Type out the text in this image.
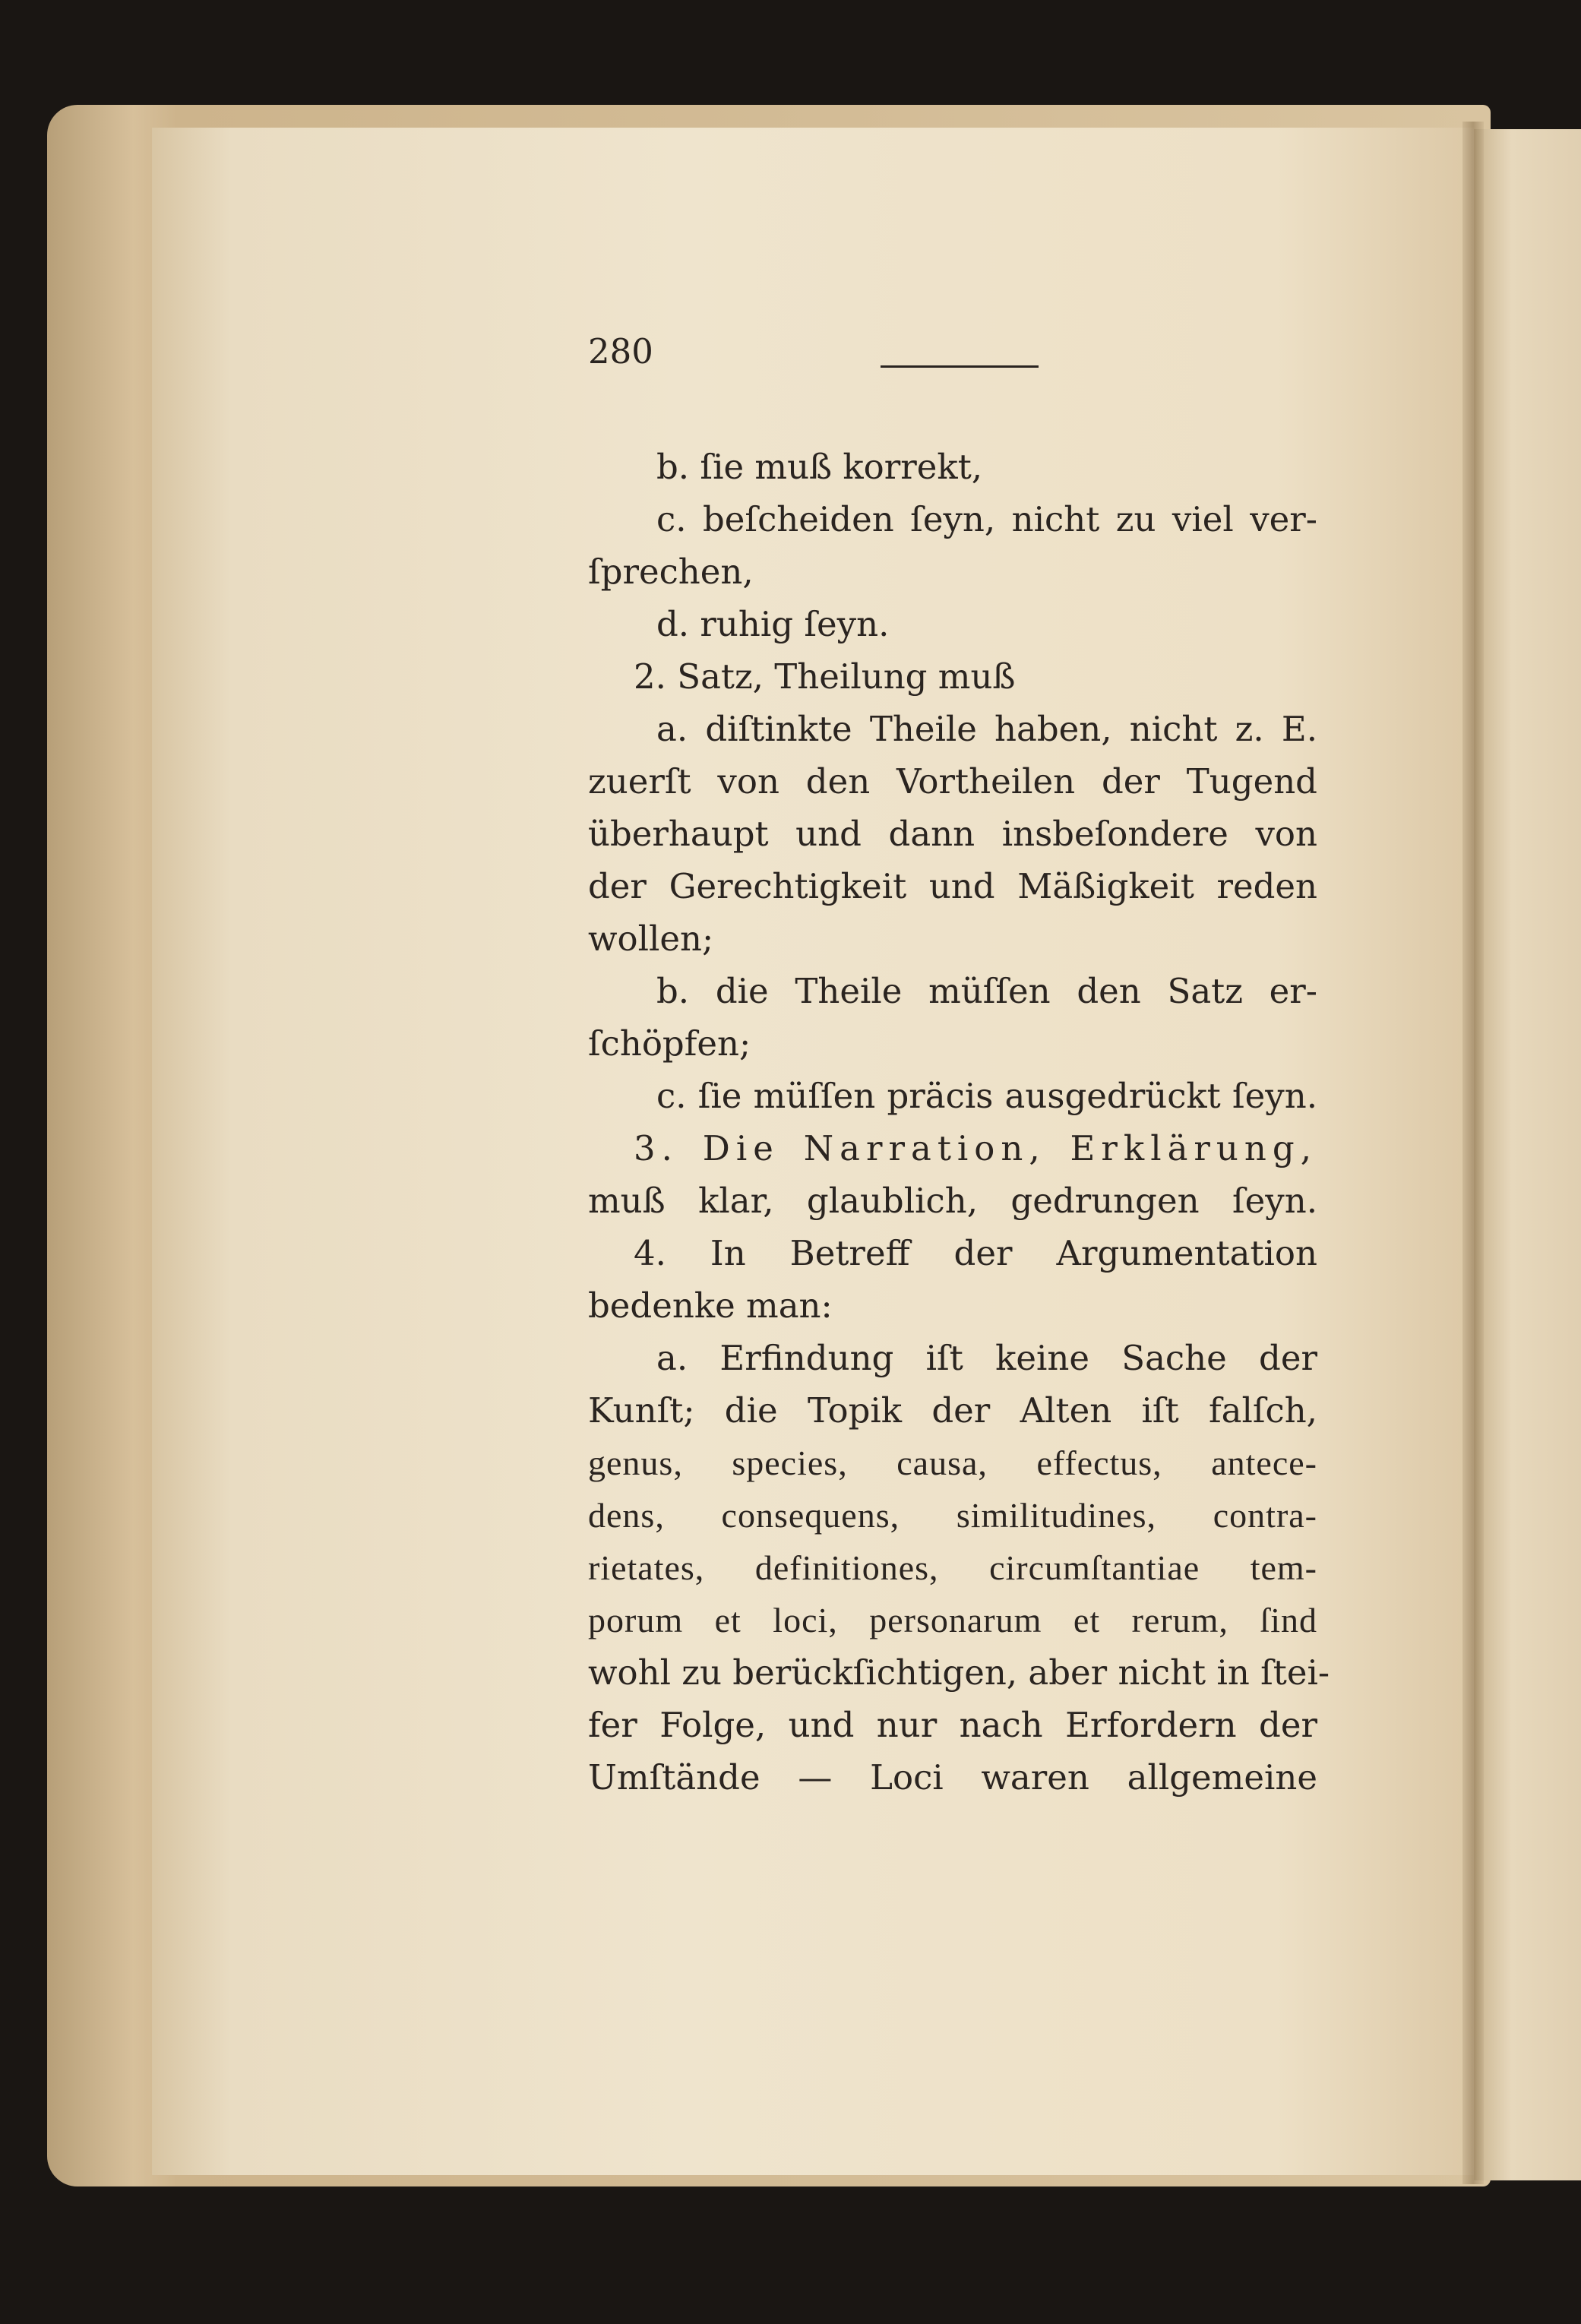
280
b. ſie muß korrekt,
c. beſcheiden ſeyn, nicht zu viel ver-
ſprechen,
d. ruhig ſeyn.
2. Satz, Theilung muß
a. diſtinkte Theile haben, nicht z. E.
zuerſt von den Vortheilen der Tugend
überhaupt und dann insbeſondere von
der Gerechtigkeit und Mäßigkeit reden
wollen;
b. die Theile müſſen den Satz er-
ſchöpfen;
c. ſie müſſen präcis ausgedrückt ſeyn.
3. Die Narration, Erklärung,
muß klar, glaublich, gedrungen ſeyn.
4. In Betreff der Argumentation
bedenke man:
a. Erfindung iſt keine Sache der
Kunſt; die Topik der Alten iſt falſch,
genus, species, causa, effectus, antece-
dens, consequens, similitudines, contra-
rietates, definitiones, circumſtantiae tem-
porum et loci, personarum et rerum, ſind
wohl zu berückſichtigen, aber nicht in ſtei-
fer Folge, und nur nach Erfordern der
Umſtände — Loci waren allgemeine
